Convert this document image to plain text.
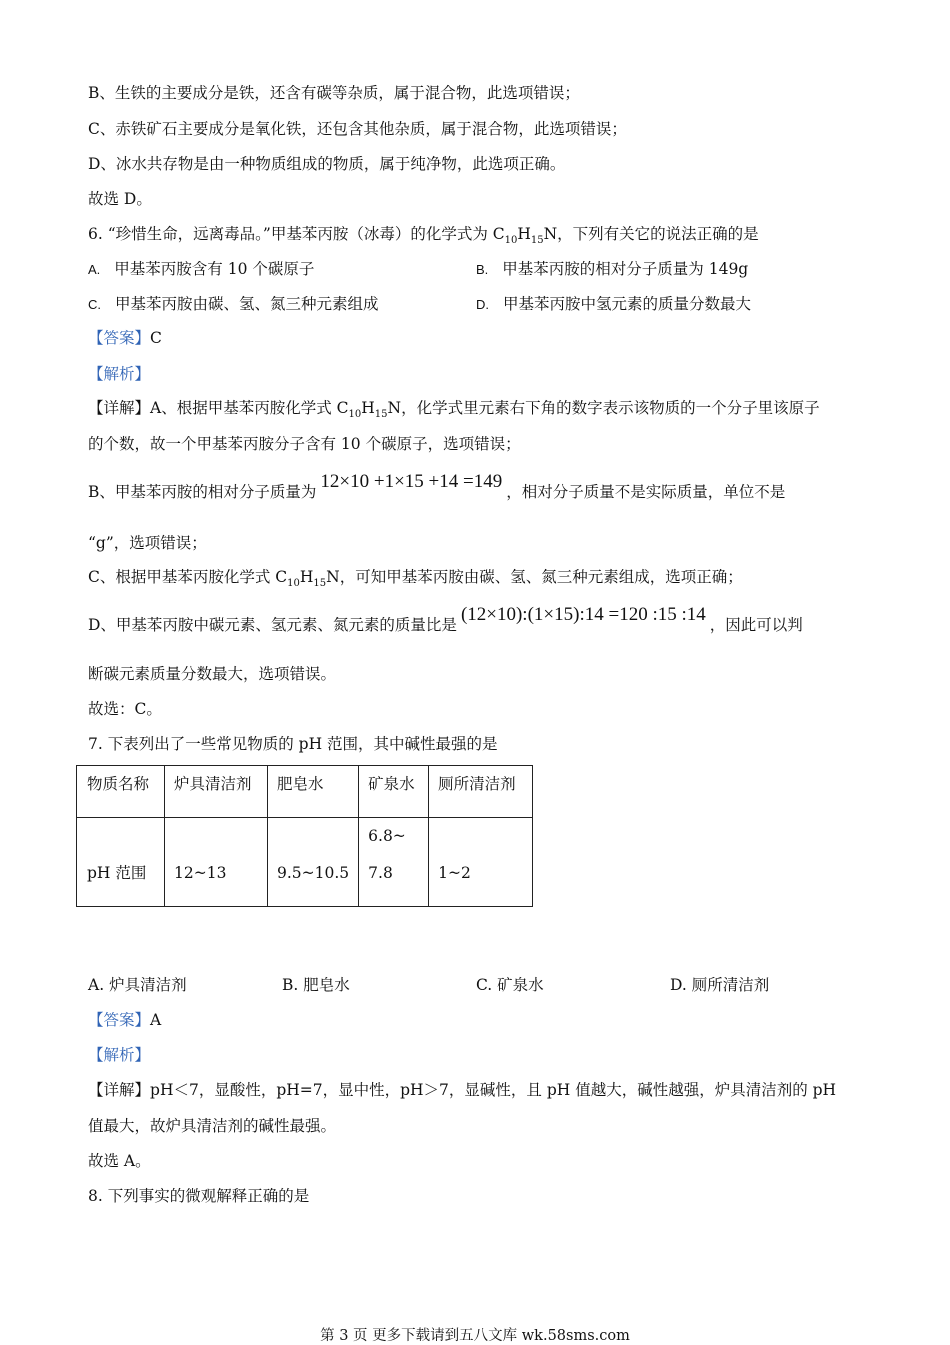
B、生铁的主要成分是铁，还含有碳等杂质，属于混合物，此选项错误；
C、赤铁矿石主要成分是氧化铁，还包含其他杂质，属于混合物，此选项错误；
D、冰水共存物是由一种物质组成的物质，属于纯净物，此选项正确。
故选 D。
6. “珍惜生命，远离毒品。”甲基苯丙胺（冰毒）的化学式为 $C_{10}H_{15}N$，下列有关它的说法正确的是
A. 甲基苯丙胺含有 10 个碳原子	B. 甲基苯丙胺的相对分子质量为 149g
C. 甲基苯丙胺由碳、氢、氮三种元素组成	D. 甲基苯丙胺中氢元素的质量分数最大
【答案】C
【解析】
【详解】A、根据甲基苯丙胺化学式 $C_{10}H_{15}N$，化学式里元素右下角的数字表示该物质的一个分子里该原子
的个数，故一个甲基苯丙胺分子含有 10 个碳原子，选项错误；
B、甲基苯丙胺的相对分子质量为 12×10 +1×15 +14 =149 ，相对分子质量不是实际质量，单位不是
“g”，选项错误；
C、根据甲基苯丙胺化学式 $C_{10}H_{15}N$，可知甲基苯丙胺由碳、氢、氮三种元素组成，选项正确；
D、甲基苯丙胺中碳元素、氢元素、氮元素的质量比是 (12×10):(1×15):14 =120 :15 :14 ，因此可以判
断碳元素质量分数最大，选项错误。
故选：C。
7. 下表列出了一些常见物质的 pH 范围，其中碱性最强的是
物质名称	炉具清洁剂	肥皂水	矿泉水	厕所清洁剂
pH 范围	12~13	9.5~10.5	6.8~7.8	1~2
A. 炉具清洁剂	B. 肥皂水	C. 矿泉水	D. 厕所清洁剂
【答案】A
【解析】
【详解】pH＜7，显酸性，pH=7，显中性，pH＞7，显碱性，且 pH 值越大，碱性越强，炉具清洁剂的 pH
值最大，故炉具清洁剂的碱性最强。
故选 A。
8. 下列事实的微观解释正确的是
第 3 页 更多下载请到五八文库 wk.58sms.com
